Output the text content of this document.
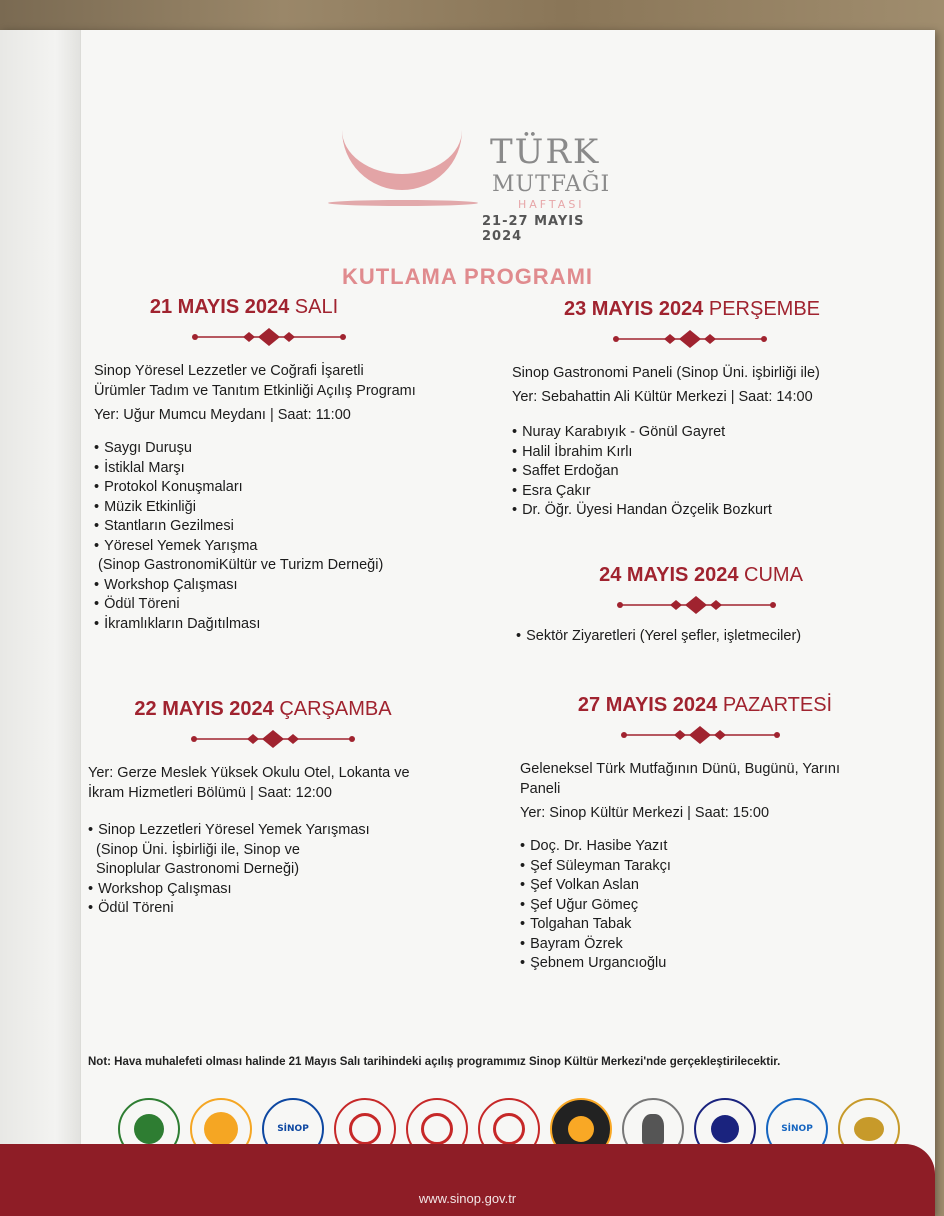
TÜRK
MUTFAĞI
HAFTASI
21-27 MAYIS 2024
KUTLAMA PROGRAMI
21 MAYIS 2024 SALI
Sinop Yöresel Lezzetler ve Coğrafi İşaretli
Ürümler Tadım ve Tanıtım Etkinliği Açılış Programı
Yer: Uğur Mumcu Meydanı | Saat: 11:00
• Saygı Duruşu
• İstiklal Marşı
• Protokol Konuşmaları
• Müzik Etkinliği
• Stantların Gezilmesi
• Yöresel Yemek Yarışma
(Sinop GastronomiKültür ve Turizm Derneği)
• Workshop Çalışması
• Ödül Töreni
• İkramlıkların Dağıtılması
22 MAYIS 2024 ÇARŞAMBA
Yer: Gerze Meslek Yüksek Okulu Otel, Lokanta ve
İkram Hizmetleri Bölümü | Saat: 12:00
• Sinop Lezzetleri Yöresel Yemek Yarışması
(Sinop Üni. İşbirliği ile, Sinop ve
Sinoplular Gastronomi Derneği)
• Workshop Çalışması
• Ödül Töreni
23 MAYIS 2024 PERŞEMBE
Sinop Gastronomi Paneli (Sinop Üni. işbirliği ile)
Yer: Sebahattin Ali Kültür Merkezi | Saat: 14:00
• Nuray Karabıyık - Gönül Gayret
• Halil İbrahim Kırlı
• Saffet Erdoğan
• Esra Çakır
• Dr. Öğr. Üyesi Handan Özçelik Bozkurt
24 MAYIS 2024 CUMA
• Sektör Ziyaretleri (Yerel şefler, işletmeciler)
27 MAYIS 2024 PAZARTESİ
Geleneksel Türk Mutfağının Dünü, Bugünü, Yarını
Paneli
Yer: Sinop Kültür Merkezi | Saat: 15:00
• Doç. Dr. Hasibe Yazıt
• Şef Süleyman Tarakçı
• Şef Volkan Aslan
• Şef Uğur Gömeç
• Tolgahan Tabak
• Bayram Özrek
• Şebnem Urgancıoğlu
Not: Hava muhalefeti olması halinde 21 Mayıs Salı tarihindeki açılış programımız Sinop Kültür Merkezi'nde gerçekleştirilecektir.
SİNOP	SİNOP
www.sinop.gov.tr
